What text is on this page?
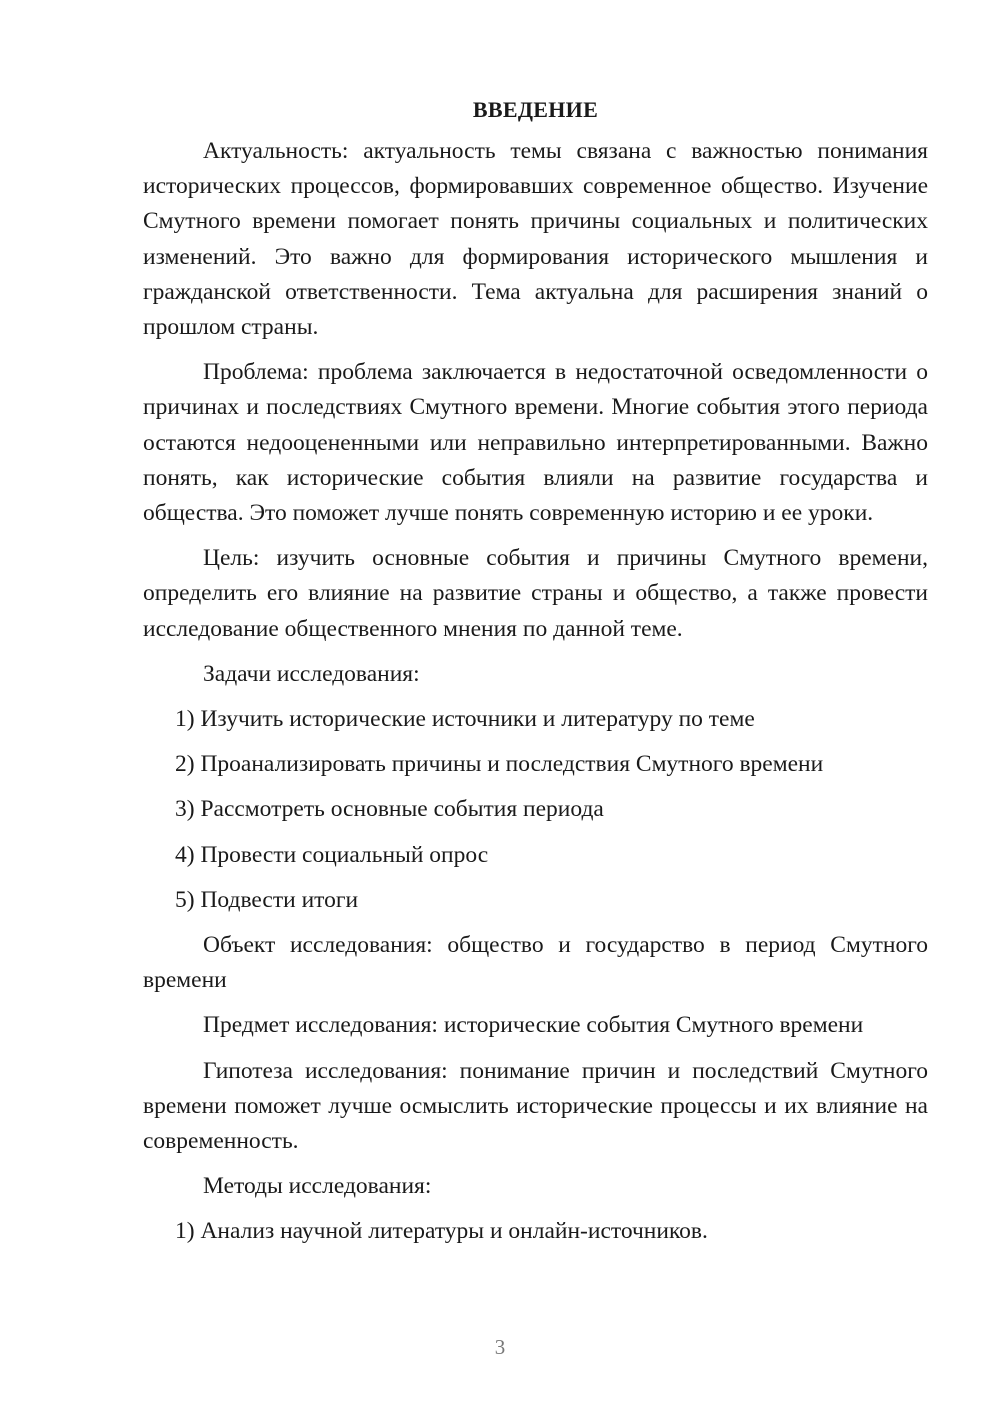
ВВЕДЕНИЕ

Актуальность: актуальность темы связана с важностью понимания исторических процессов, формировавших современное общество. Изучение Смутного времени помогает понять причины социальных и политических изменений. Это важно для формирования исторического мышления и гражданской ответственности. Тема актуальна для расширения знаний о прошлом страны.

Проблема: проблема заключается в недостаточной осведомленности о причинах и последствиях Смутного времени. Многие события этого периода остаются недооцененными или неправильно интерпретированными. Важно понять, как исторические события влияли на развитие государства и общества. Это поможет лучше понять современную историю и ее уроки.

Цель: изучить основные события и причины Смутного времени, определить его влияние на развитие страны и общество, а также провести исследование общественного мнения по данной теме.

Задачи исследования:

1) Изучить исторические источники и литературу по теме
2) Проанализировать причины и последствия Смутного времени
3) Рассмотреть основные события периода
4) Провести социальный опрос
5) Подвести итоги

Объект исследования: общество и государство в период Смутного времени

Предмет исследования: исторические события Смутного времени

Гипотеза исследования: понимание причин и последствий Смутного времени поможет лучше осмыслить исторические процессы и их влияние на современность.

Методы исследования:

1) Анализ научной литературы и онлайн-источников.
3
